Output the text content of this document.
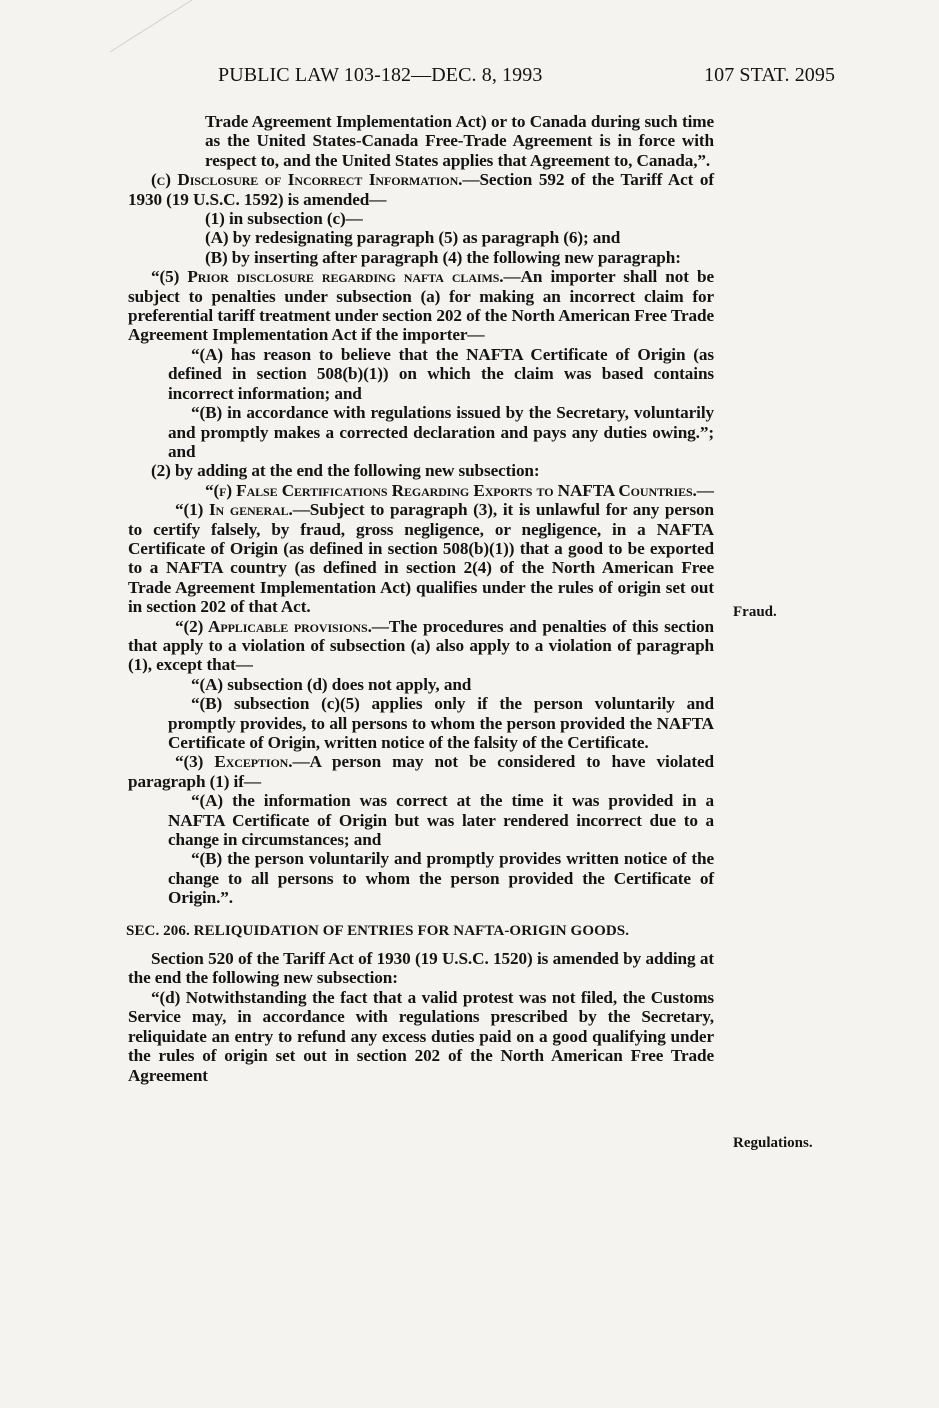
PUBLIC LAW 103-182—DEC. 8, 1993	107 STAT. 2095

Trade Agreement Implementation Act) or to Canada during such time as the United States-Canada Free-Trade Agreement is in force with respect to, and the United States applies that Agreement to, Canada,”.

(c) Disclosure of Incorrect Information.—Section 592 of the Tariff Act of 1930 (19 U.S.C. 1592) is amended—

(1) in subsection (c)—

(A) by redesignating paragraph (5) as paragraph (6); and

(B) by inserting after paragraph (4) the following new paragraph:

“(5) Prior disclosure regarding nafta claims.—An importer shall not be subject to penalties under subsection (a) for making an incorrect claim for preferential tariff treatment under section 202 of the North American Free Trade Agreement Implementation Act if the importer—

“(A) has reason to believe that the NAFTA Certificate of Origin (as defined in section 508(b)(1)) on which the claim was based contains incorrect information; and

“(B) in accordance with regulations issued by the Secretary, voluntarily and promptly makes a corrected declaration and pays any duties owing.”; and

(2) by adding at the end the following new subsection:

“(f) False Certifications Regarding Exports to NAFTA Countries.—

“(1) In general.—Subject to paragraph (3), it is unlawful for any person to certify falsely, by fraud, gross negligence, or negligence, in a NAFTA Certificate of Origin (as defined in section 508(b)(1)) that a good to be exported to a NAFTA country (as defined in section 2(4) of the North American Free Trade Agreement Implementation Act) qualifies under the rules of origin set out in section 202 of that Act.

“(2) Applicable provisions.—The procedures and penalties of this section that apply to a violation of subsection (a) also apply to a violation of paragraph (1), except that—

“(A) subsection (d) does not apply, and

“(B) subsection (c)(5) applies only if the person voluntarily and promptly provides, to all persons to whom the person provided the NAFTA Certificate of Origin, written notice of the falsity of the Certificate.

“(3) Exception.—A person may not be considered to have violated paragraph (1) if—

“(A) the information was correct at the time it was provided in a NAFTA Certificate of Origin but was later rendered incorrect due to a change in circumstances; and

“(B) the person voluntarily and promptly provides written notice of the change to all persons to whom the person provided the Certificate of Origin.”.

SEC. 206. RELIQUIDATION OF ENTRIES FOR NAFTA-ORIGIN GOODS.

Section 520 of the Tariff Act of 1930 (19 U.S.C. 1520) is amended by adding at the end the following new subsection:

“(d) Notwithstanding the fact that a valid protest was not filed, the Customs Service may, in accordance with regulations prescribed by the Secretary, reliquidate an entry to refund any excess duties paid on a good qualifying under the rules of origin set out in section 202 of the North American Free Trade Agreement

Fraud.
Regulations.
